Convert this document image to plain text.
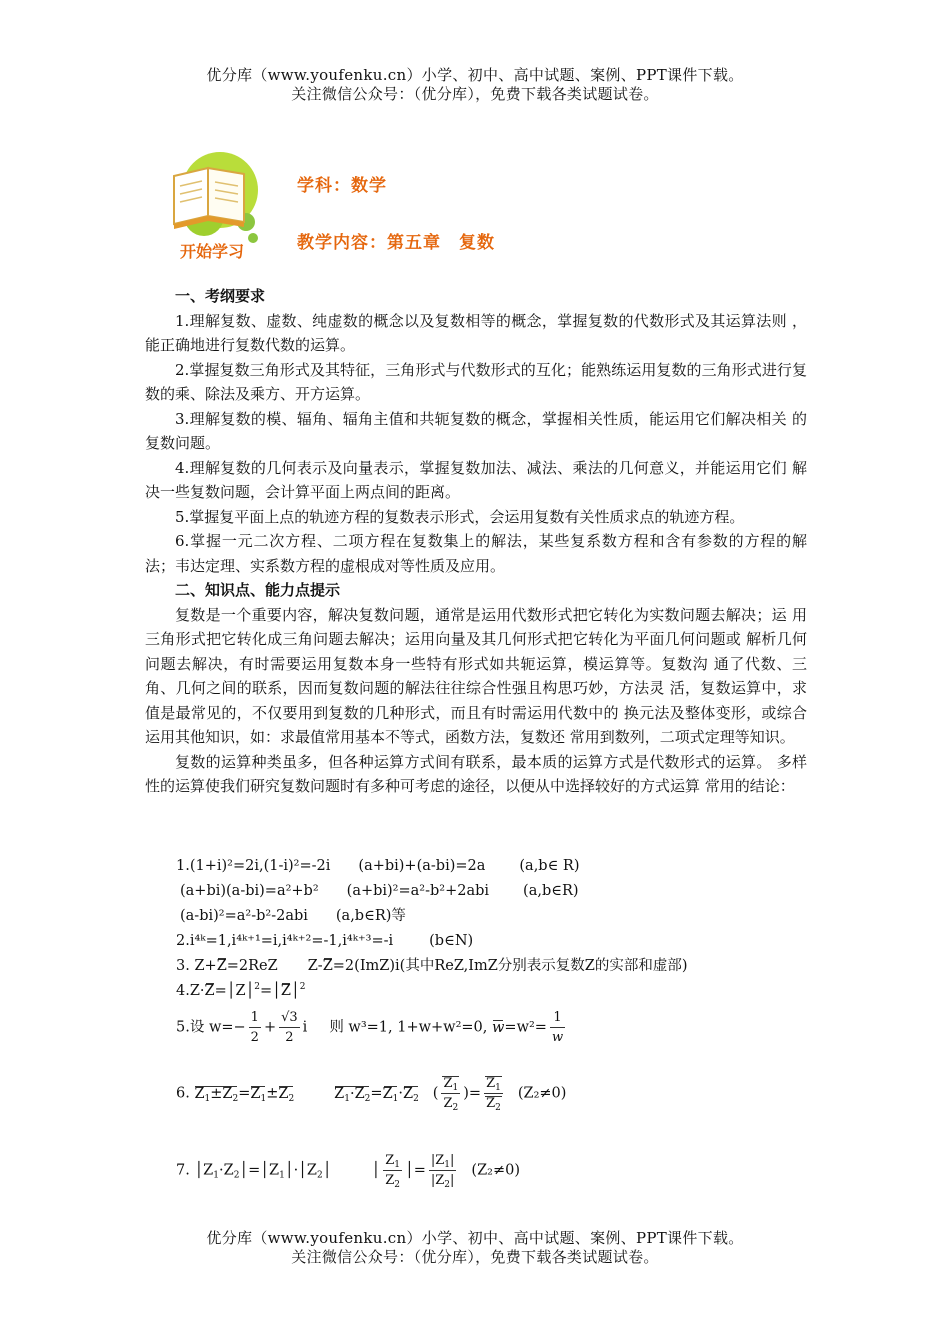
优分库（www.youfenku.cn）小学、初中、高中试题、案例、PPT课件下载。
关注微信公众号：（优分库），免费下载各类试题试卷。
开始学习
学科：数学
教学内容：第五章　复数

一、考纲要求

1.理解复数、虚数、纯虚数的概念以及复数相等的概念，掌握复数的代数形式及其运算法则 ，能正确地进行复数代数的运算。

2.掌握复数三角形式及其特征，三角形式与代数形式的互化；能熟练运用复数的三角形式进行复数的乘、除法及乘方、开方运算。

3.理解复数的模、辐角、辐角主值和共轭复数的概念，掌握相关性质，能运用它们解决相关 的复数问题。

4.理解复数的几何表示及向量表示，掌握复数加法、减法、乘法的几何意义，并能运用它们 解决一些复数问题，会计算平面上两点间的距离。

5.掌握复平面上点的轨迹方程的复数表示形式，会运用复数有关性质求点的轨迹方程。

6.掌握一元二次方程、二项方程在复数集上的解法，某些复系数方程和含有参数的方程的解 法；韦达定理、实系数方程的虚根成对等性质及应用。

二、知识点、能力点提示

复数是一个重要内容，解决复数问题，通常是运用代数形式把它转化为实数问题去解决；运 用三角形式把它转化成三角问题去解决；运用向量及其几何形式把它转化为平面几何问题或 解析几何问题去解决，有时需要运用复数本身一些特有形式如共轭运算，模运算等。复数沟 通了代数、三角、几何之间的联系，因而复数问题的解法往往综合性强且构思巧妙，方法灵 活，复数运算中，求值是最常见的，不仅要用到复数的几种形式，而且有时需运用代数中的 换元法及整体变形，或综合运用其他知识，如：求最值常用基本不等式，函数方法，复数还 常用到数列，二项式定理等知识。

复数的运算种类虽多，但各种运算方式间有联系，最本质的运算方式是代数形式的运算。 多样性的运算使我们研究复数问题时有多种可考虑的途径，以便从中选择较好的方式运算 常用的结论：

1.(1+i)²=2i,(1-i)²=-2i (a+bi)+(a-bi)=2a (a,b∈ R)
(a+bi)(a-bi)=a²+b² (a+bi)²=a²-b²+2abi (a,b∈R)
(a-bi)²=a²-b²-2abi (a,b∈R)等
2.i⁴ᵏ=1,i⁴ᵏ⁺¹=i,i⁴ᵏ⁺²=-1,i⁴ᵏ⁺³=-i (b∈N)
3. Z+Z=2ReZ Z-Z=2(ImZ)i(其中ReZ,ImZ分别表示复数Z的实部和虚部)
4.Z·Z=│Z│$^2$=│Z│$^2$
5.设 $w=- \frac{1}{2} + \frac{√3}{2}$ i 则 w³=1, 1+w+w²=0, $w=w^2= \frac{1}{w}$
6. $Z_1\pm Z_2=Z_1\pm Z_2$	$Z_1\cdot Z_2=Z_1\cdot Z_2$ ( $\frac{Z_1}{Z_2}$ )= $\frac{Z_1}{Z_2} (Z_2\ne 0)$
7. $│Z_1\cdot Z_2│=│Z_1│\cdot│Z_2│$	│ $\frac{Z_1}{Z_2}$ │= $\frac{|Z_1|}{|Z_2|} (Z_2\ne 0)$
优分库（www.youfenku.cn）小学、初中、高中试题、案例、PPT课件下载。
关注微信公众号：（优分库），免费下载各类试题试卷。
